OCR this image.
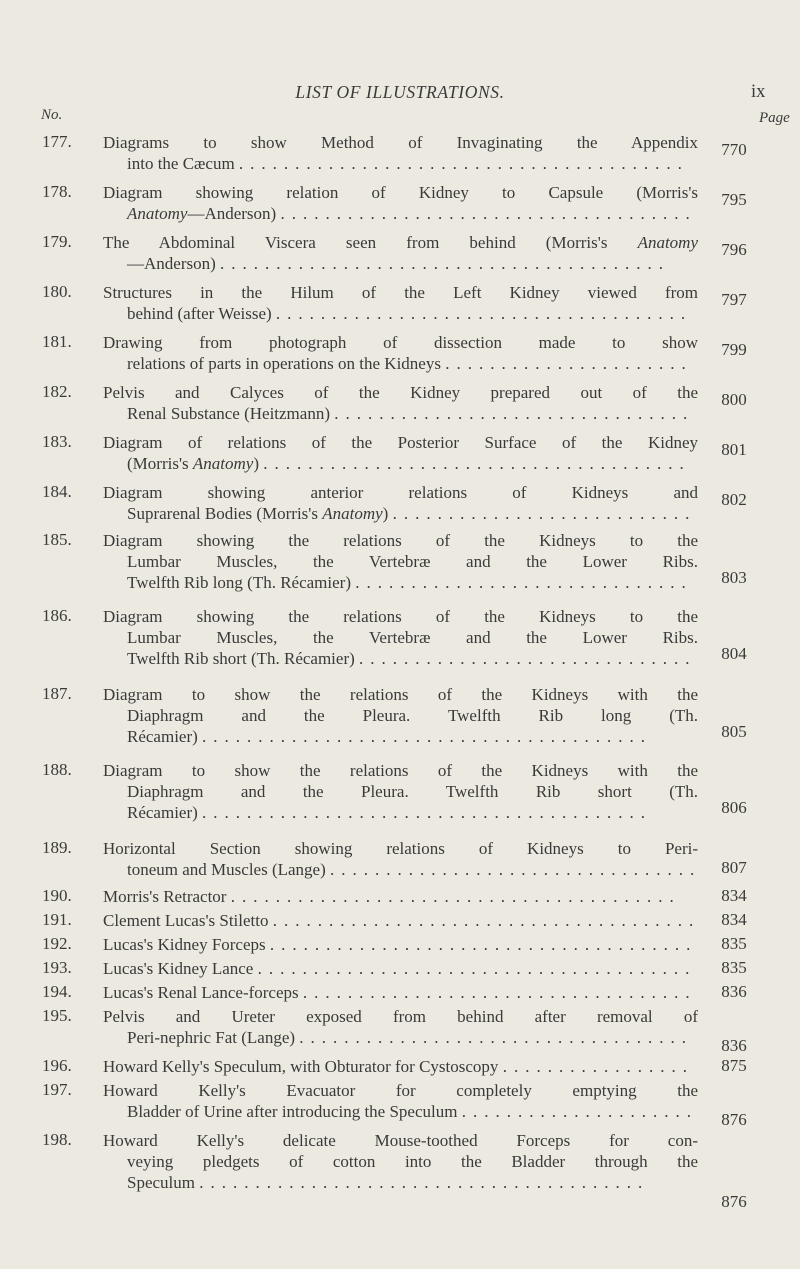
LIST OF ILLUSTRATIONS.	ix
No.	Page
177. Diagrams to show Method of Invaginating the Appendix
into the Cæcum ........................................
770
178. Diagram showing relation of Kidney to Capsule (Morris's
Anatomy—Anderson) .....................................
795
179. The Abdominal Viscera seen from behind (Morris's Anatomy
—Anderson) ........................................
796
180. Structures in the Hilum of the Left Kidney viewed from
behind (after Weisse) .....................................
797
181. Drawing from photograph of dissection made to show
relations of parts in operations on the Kidneys ......................
799
182. Pelvis and Calyces of the Kidney prepared out of the
Renal Substance (Heitzmann) ................................
800
183. Diagram of relations of the Posterior Surface of the Kidney
(Morris's Anatomy) ......................................
801
184. Diagram showing anterior relations of Kidneys and
Suprarenal Bodies (Morris's Anatomy) ...........................
802
185. Diagram showing the relations of the Kidneys to the
Lumbar Muscles, the Vertebræ and the Lower Ribs.
Twelfth Rib long (Th. Récamier) ..............................	803
186. Diagram showing the relations of the Kidneys to the
Lumbar Muscles, the Vertebræ and the Lower Ribs.
Twelfth Rib short (Th. Récamier) ..............................	804
187. Diagram to show the relations of the Kidneys with the
Diaphragm and the Pleura. Twelfth Rib long (Th.
Récamier) ........................................	805
188. Diagram to show the relations of the Kidneys with the
Diaphragm and the Pleura. Twelfth Rib short (Th.
Récamier) ........................................	806
189. Horizontal Section showing relations of Kidneys to Peri-
toneum and Muscles (Lange) .................................	807
190. Morris's Retractor ........................................	834
191. Clement Lucas's Stiletto ......................................	834
192. Lucas's Kidney Forceps ......................................	835
193. Lucas's Kidney Lance .......................................	835
194. Lucas's Renal Lance-forceps ...................................	836
195. Pelvis and Ureter exposed from behind after removal of
Peri-nephric Fat (Lange) ...................................	836
196. Howard Kelly's Speculum, with Obturator for Cystoscopy .................	875
197. Howard Kelly's Evacuator for completely emptying the
Bladder of Urine after introducing the Speculum .....................	876
198. Howard Kelly's delicate Mouse-toothed Forceps for con-
veying pledgets of cotton into the Bladder through the
Speculum ........................................
876
